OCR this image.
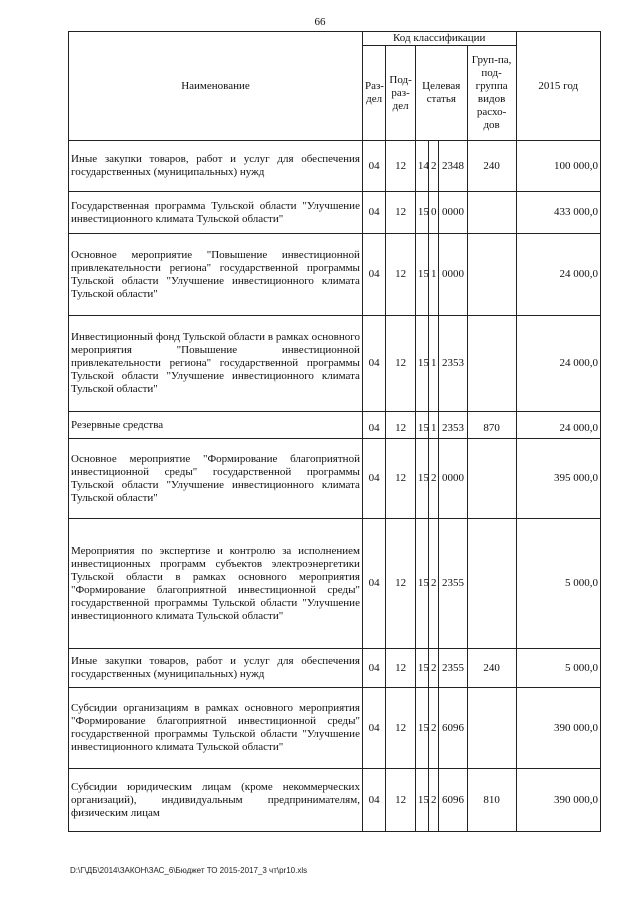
66
Наименование	Код классификации						2015 год
	Раз-дел	Под-раз-дел	Целевая статья			Груп-па, под-группа видов расхо-дов	
Иные закупки товаров, работ и услуг для обеспечения государственных (муниципальных) нужд	04	12	14	2	2348	240	100 000,0
Государственная программа Тульской области "Улучшение инвестиционного климата Тульской области"	04	12	15	0	0000		433 000,0
Основное мероприятие "Повышение инвестиционной привлекательности региона" государственной программы Тульской области "Улучшение инвестиционного климата Тульской области"	04	12	15	1	0000		24 000,0
Инвестиционный фонд Тульской области в рамках основного мероприятия "Повышение инвестиционной привлекательности региона" государственной программы Тульской области "Улучшение инвестиционного климата Тульской области"	04	12	15	1	2353		24 000,0
Резервные средства	04	12	15	1	2353	870	24 000,0
Основное мероприятие "Формирование благоприятной инвестиционной среды" государственной программы Тульской области "Улучшение инвестиционного климата Тульской области"	04	12	15	2	0000		395 000,0
Мероприятия по экспертизе и контролю за исполнением инвестиционных программ субъектов электроэнергетики Тульской области в рамках основного мероприятия "Формирование благоприятной инвестиционной среды" государственной программы Тульской области "Улучшение инвестиционного климата Тульской области"	04	12	15	2	2355		5 000,0
Иные закупки товаров, работ и услуг для обеспечения государственных (муниципальных) нужд	04	12	15	2	2355	240	5 000,0
Субсидии организациям в рамках основного мероприятия "Формирование благоприятной инвестиционной среды" государственной программы Тульской области "Улучшение инвестиционного климата Тульской области"	04	12	15	2	6096		390 000,0
Субсидии юридическим лицам (кроме некоммерческих организаций), индивидуальным предпринимателям, физическим лицам	04	12	15	2	6096	810	390 000,0
D:\Г\ДБ\2014\ЗАКОН\ЗАС_6\Бюджет ТО 2015-2017_3 чт\pr10.xls
